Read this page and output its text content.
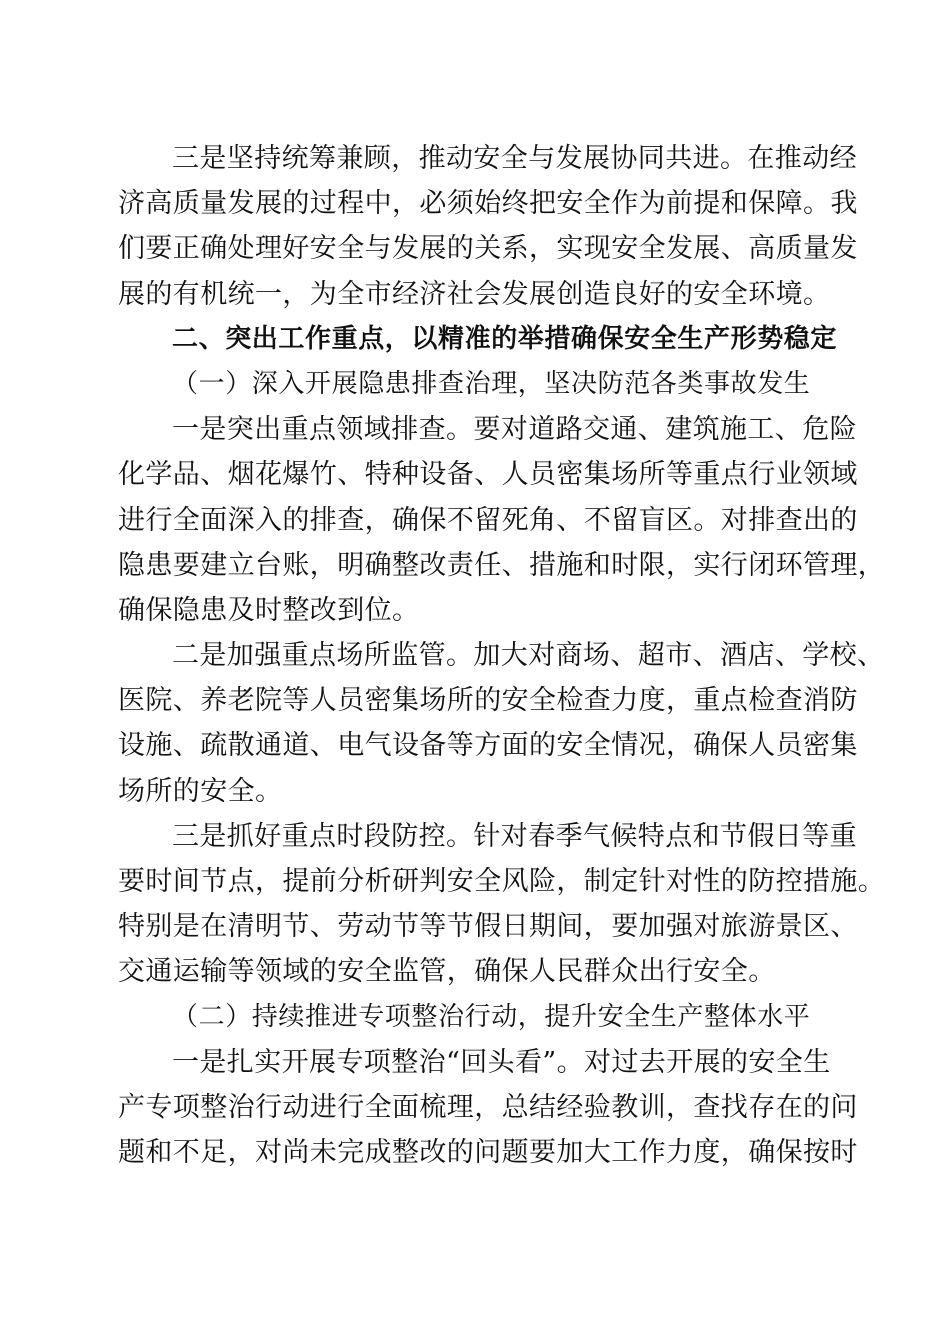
三是坚持统筹兼顾，推动安全与发展协同共进。在推动经
济高质量发展的过程中，必须始终把安全作为前提和保障。我
们要正确处理好安全与发展的关系，实现安全发展、高质量发
展的有机统一，为全市经济社会发展创造良好的安全环境。
二、突出工作重点，以精准的举措确保安全生产形势稳定
（一）深入开展隐患排查治理，坚决防范各类事故发生
一是突出重点领域排查。要对道路交通、建筑施工、危险
化学品、烟花爆竹、特种设备、人员密集场所等重点行业领域
进行全面深入的排查，确保不留死角、不留盲区。对排查出的
隐患要建立台账，明确整改责任、措施和时限，实行闭环管理，
确保隐患及时整改到位。
二是加强重点场所监管。加大对商场、超市、酒店、学校、
医院、养老院等人员密集场所的安全检查力度，重点检查消防
设施、疏散通道、电气设备等方面的安全情况，确保人员密集
场所的安全。
三是抓好重点时段防控。针对春季气候特点和节假日等重
要时间节点，提前分析研判安全风险，制定针对性的防控措施。
特别是在清明节、劳动节等节假日期间，要加强对旅游景区、
交通运输等领域的安全监管，确保人民群众出行安全。
（二）持续推进专项整治行动，提升安全生产整体水平
一是扎实开展专项整治“回头看”。对过去开展的安全生
产专项整治行动进行全面梳理，总结经验教训，查找存在的问
题和不足，对尚未完成整改的问题要加大工作力度，确保按时
